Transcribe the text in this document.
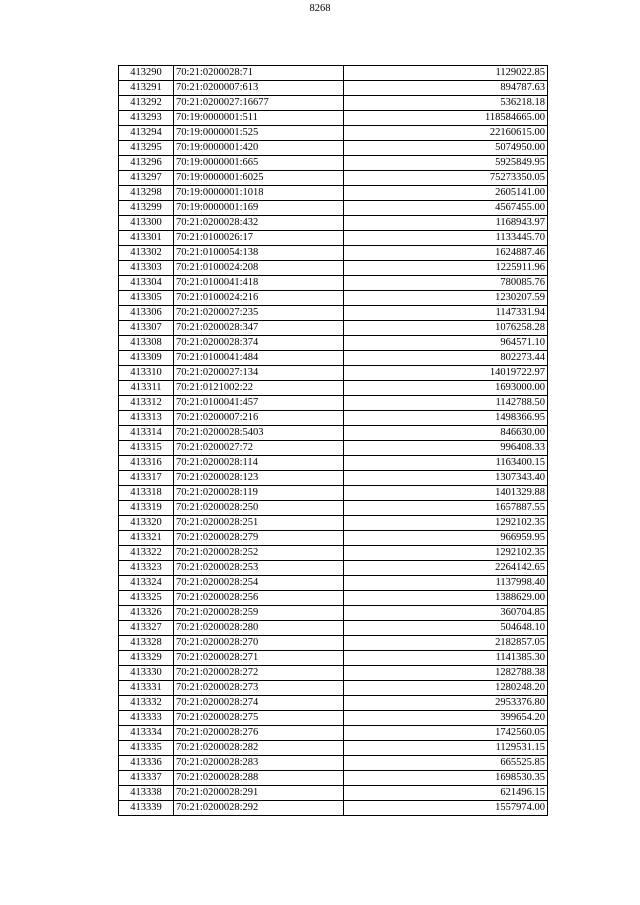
8268
413290	70:21:0200028:71	1129022.85
413291	70:21:0200007:613	894787.63
413292	70:21:0200027:16677	536218.18
413293	70:19:0000001:511	118584665.00
413294	70:19:0000001:525	22160615.00
413295	70:19:0000001:420	5074950.00
413296	70:19:0000001:665	5925849.95
413297	70:19:0000001:6025	75273350.05
413298	70:19:0000001:1018	2605141.00
413299	70:19:0000001:169	4567455.00
413300	70:21:0200028:432	1168943.97
413301	70:21:0100026:17	1133445.70
413302	70:21:0100054:138	1624887.46
413303	70:21:0100024:208	1225911.96
413304	70:21:0100041:418	780085.76
413305	70:21:0100024:216	1230207.59
413306	70:21:0200027:235	1147331.94
413307	70:21:0200028:347	1076258.28
413308	70:21:0200028:374	964571.10
413309	70:21:0100041:484	802273.44
413310	70:21:0200027:134	14019722.97
413311	70:21:0121002:22	1693000.00
413312	70:21:0100041:457	1142788.50
413313	70:21:0200007:216	1498366.95
413314	70:21:0200028:5403	846630.00
413315	70:21:0200027:72	996408.33
413316	70:21:0200028:114	1163400.15
413317	70:21:0200028:123	1307343.40
413318	70:21:0200028:119	1401329.88
413319	70:21:0200028:250	1657887.55
413320	70:21:0200028:251	1292102.35
413321	70:21:0200028:279	966959.95
413322	70:21:0200028:252	1292102.35
413323	70:21:0200028:253	2264142.65
413324	70:21:0200028:254	1137998.40
413325	70:21:0200028:256	1388629.00
413326	70:21:0200028:259	360704.85
413327	70:21:0200028:280	504648.10
413328	70:21:0200028:270	2182857.05
413329	70:21:0200028:271	1141385.30
413330	70:21:0200028:272	1282788.38
413331	70:21:0200028:273	1280248.20
413332	70:21:0200028:274	2953376.80
413333	70:21:0200028:275	399654.20
413334	70:21:0200028:276	1742560.05
413335	70:21:0200028:282	1129531.15
413336	70:21:0200028:283	665525.85
413337	70:21:0200028:288	1698530.35
413338	70:21:0200028:291	621496.15
413339	70:21:0200028:292	1557974.00
